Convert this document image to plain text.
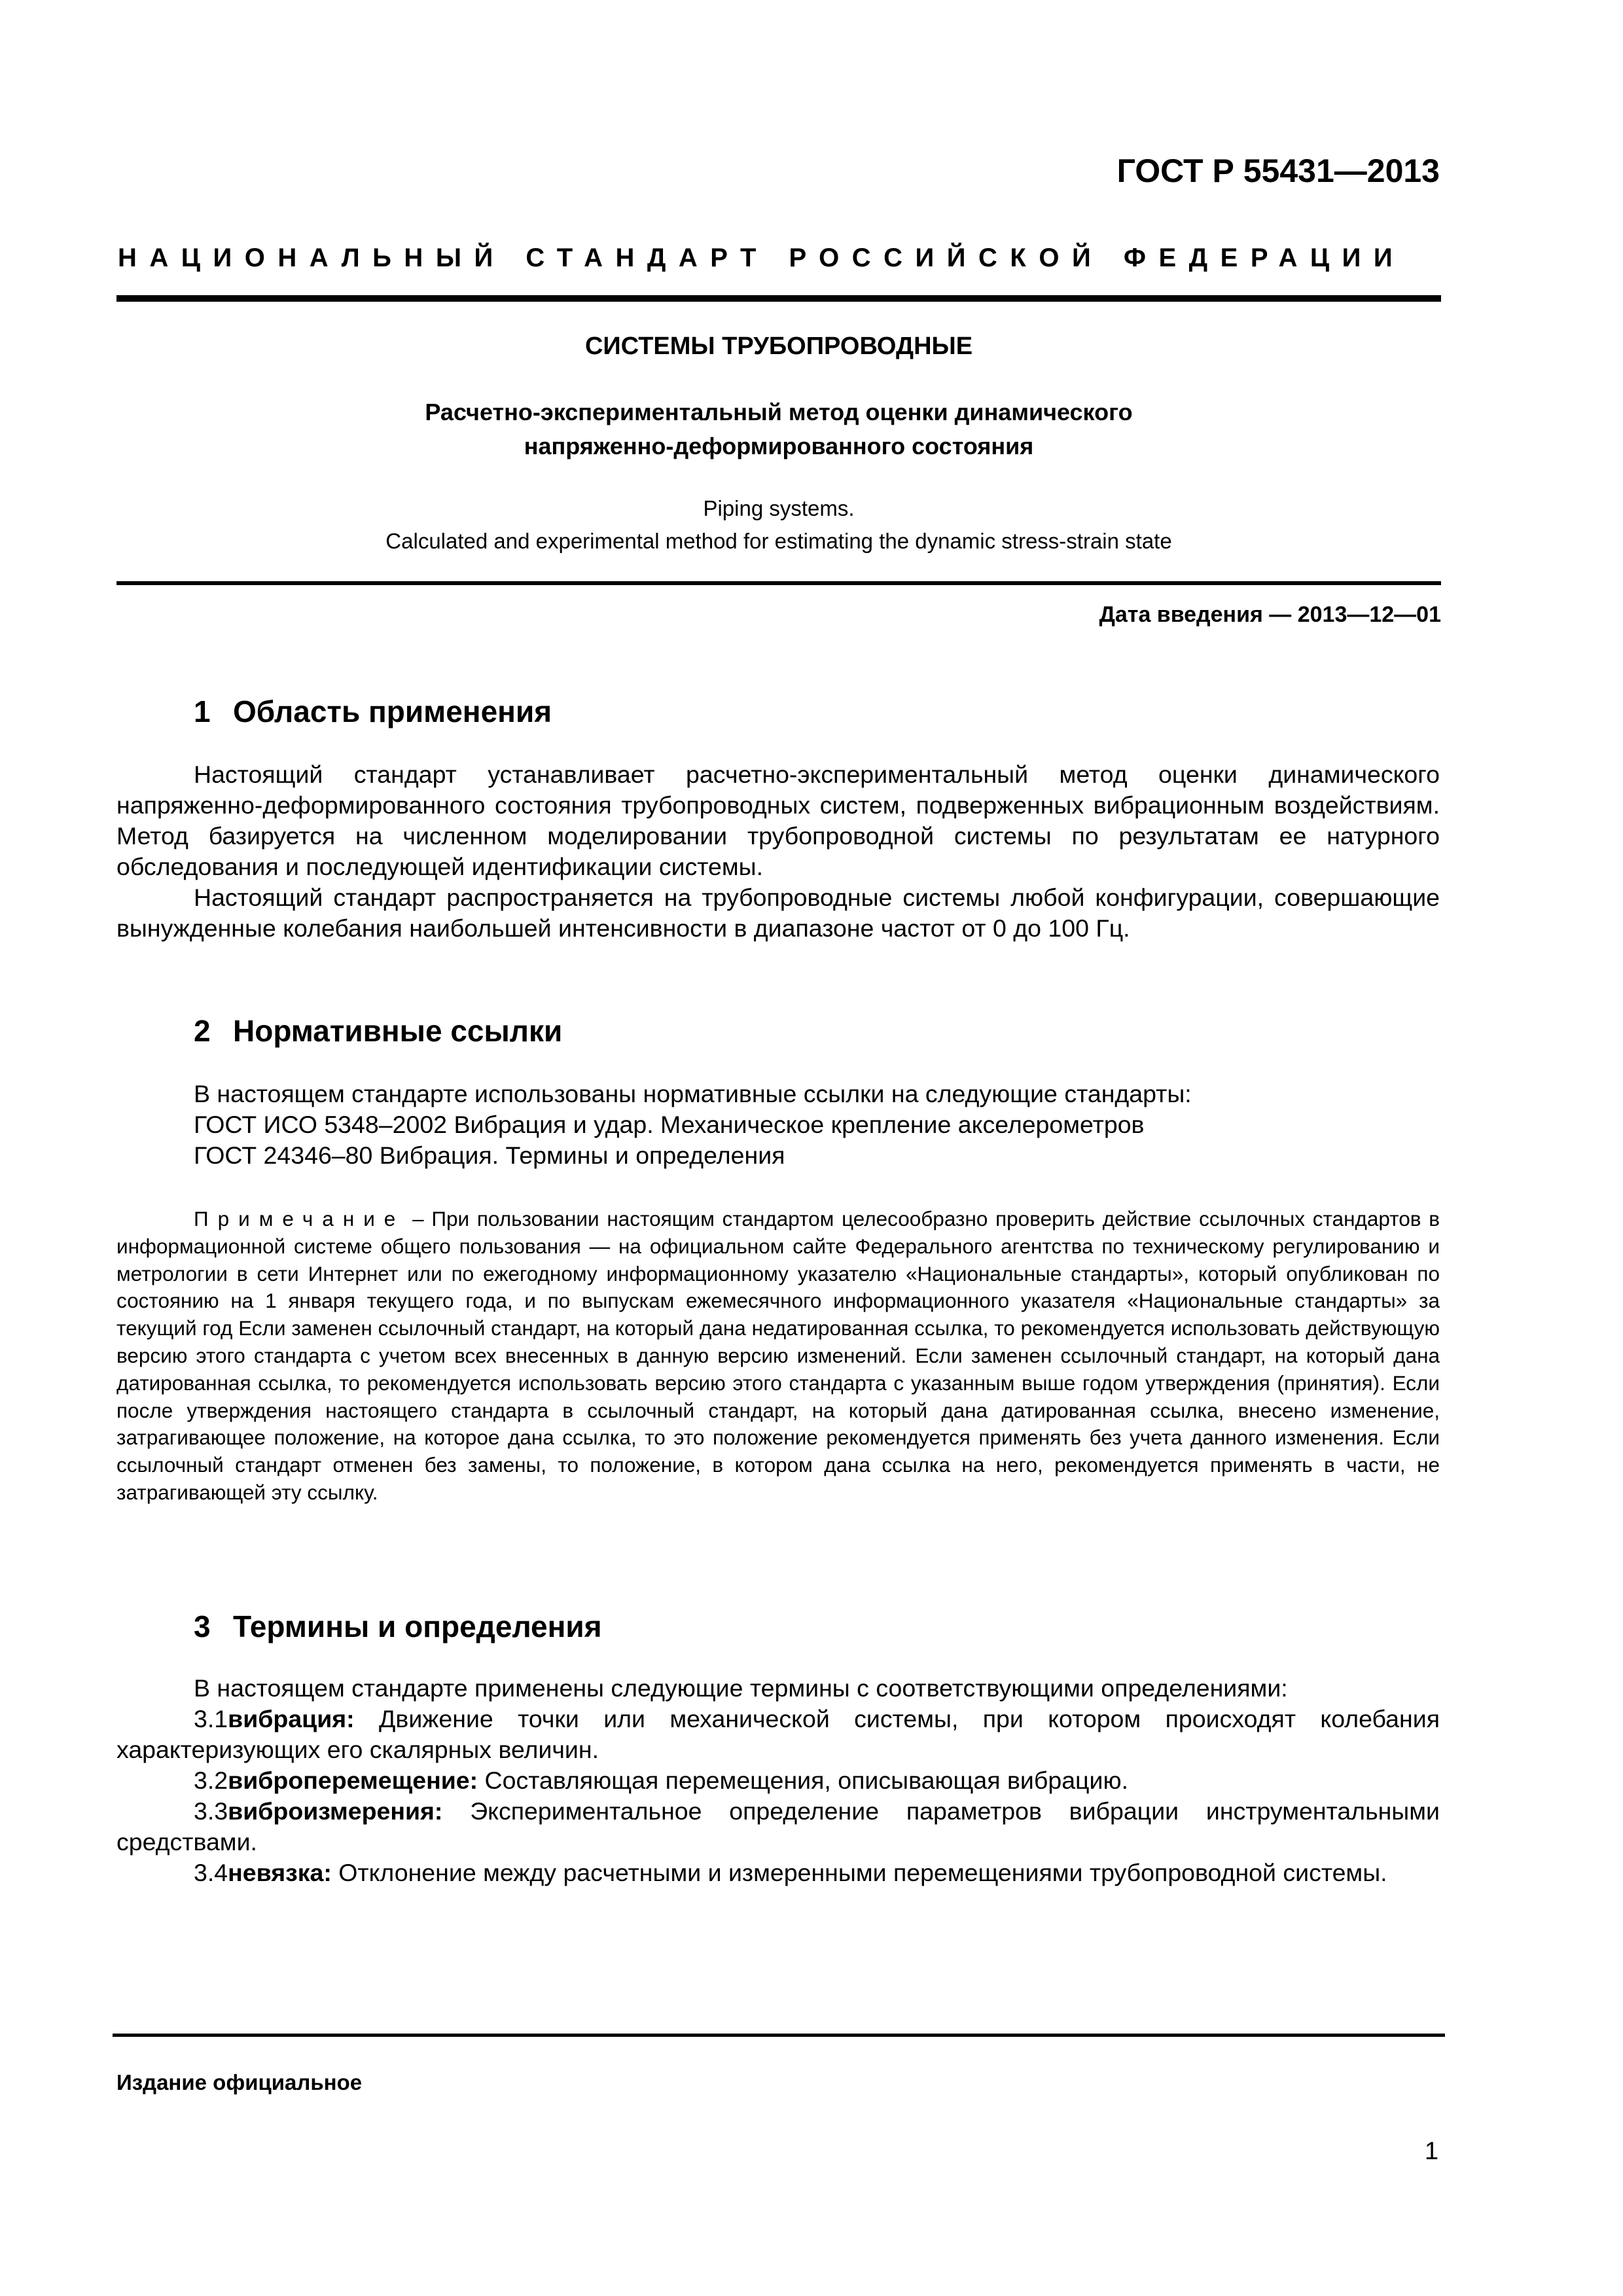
ГОСТ Р 55431—2013
НАЦИОНАЛЬНЫЙ СТАНДАРТ РОССИЙСКОЙ ФЕДЕРАЦИИ
СИСТЕМЫ ТРУБОПРОВОДНЫЕ
Расчетно-экспериментальный метод оценки динамического
напряженно-деформированного состояния
Piping systems.
Calculated and experimental method for estimating the dynamic stress-strain state
Дата введения — 2013—12—01
1 Область применения

Настоящий стандарт устанавливает расчетно-экспериментальный метод оценки динамического напряженно-деформированного состояния трубопроводных систем, подверженных вибрационным воздействиям. Метод базируется на численном моделировании трубопроводной системы по результатам ее натурного обследования и последующей идентификации системы.

Настоящий стандарт распространяется на трубопроводные системы любой конфигурации, совершающие вынужденные колебания наибольшей интенсивности в диапазоне частот от 0 до 100 Гц.

2 Нормативные ссылки

В настоящем стандарте использованы нормативные ссылки на следующие стандарты:

ГОСТ ИСО 5348–2002 Вибрация и удар. Механическое крепление акселерометров

ГОСТ 24346–80 Вибрация. Термины и определения

Примечание – При пользовании настоящим стандартом целесообразно проверить действие ссылочных стандартов в информационной системе общего пользования — на официальном сайте Федерального агентства по техническому регулированию и метрологии в сети Интернет или по ежегодному информационному указателю «Национальные стандарты», который опубликован по состоянию на 1 января текущего года, и по выпускам ежемесячного информационного указателя «Национальные стандарты» за текущий год Если заменен ссылочный стандарт, на который дана недатированная ссылка, то рекомендуется использовать действующую версию этого стандарта с учетом всех внесенных в данную версию изменений. Если заменен ссылочный стандарт, на который дана датированная ссылка, то рекомендуется использовать версию этого стандарта с указанным выше годом утверждения (принятия). Если после утверждения настоящего стандарта в ссылочный стандарт, на который дана датированная ссылка, внесено изменение, затрагивающее положение, на которое дана ссылка, то это положение рекомендуется применять без учета данного изменения. Если ссылочный стандарт отменен без замены, то положение, в котором дана ссылка на него, рекомендуется применять в части, не затрагивающей эту ссылку.

3 Термины и определения

В настоящем стандарте применены следующие термины с соответствующими определениями:

3.1вибрация: Движение точки или механической системы, при котором происходят колебания характеризующих его скалярных величин.

3.2виброперемещение: Составляющая перемещения, описывающая вибрацию.

3.3виброизмерения: Экспериментальное определение параметров вибрации инструментальными средствами.

3.4невязка: Отклонение между расчетными и измеренными перемещениями трубопроводной системы.

Издание официальное
1
